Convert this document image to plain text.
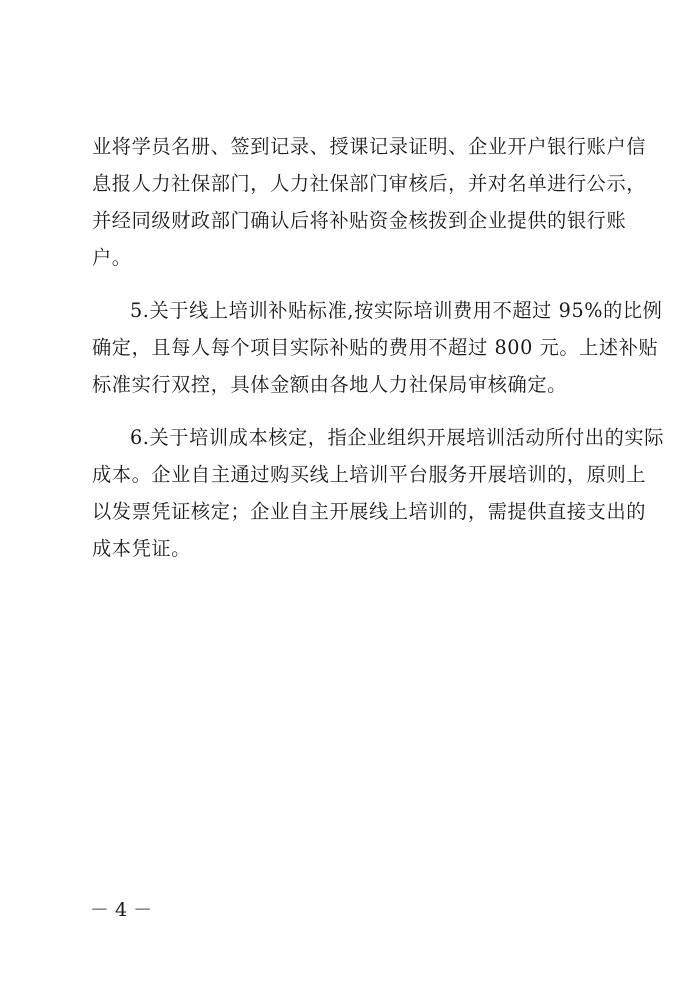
业将学员名册、签到记录、授课记录证明、企业开户银行账户信
息报人力社保部门，人力社保部门审核后，并对名单进行公示，
并经同级财政部门确认后将补贴资金核拨到企业提供的银行账
户。
5.关于线上培训补贴标准,按实际培训费用不超过 95%的比例
确定，且每人每个项目实际补贴的费用不超过 800 元。上述补贴
标准实行双控，具体金额由各地人力社保局审核确定。
6.关于培训成本核定，指企业组织开展培训活动所付出的实际
成本。企业自主通过购买线上培训平台服务开展培训的，原则上
以发票凭证核定；企业自主开展线上培训的，需提供直接支出的
成本凭证。
－ 4 －
